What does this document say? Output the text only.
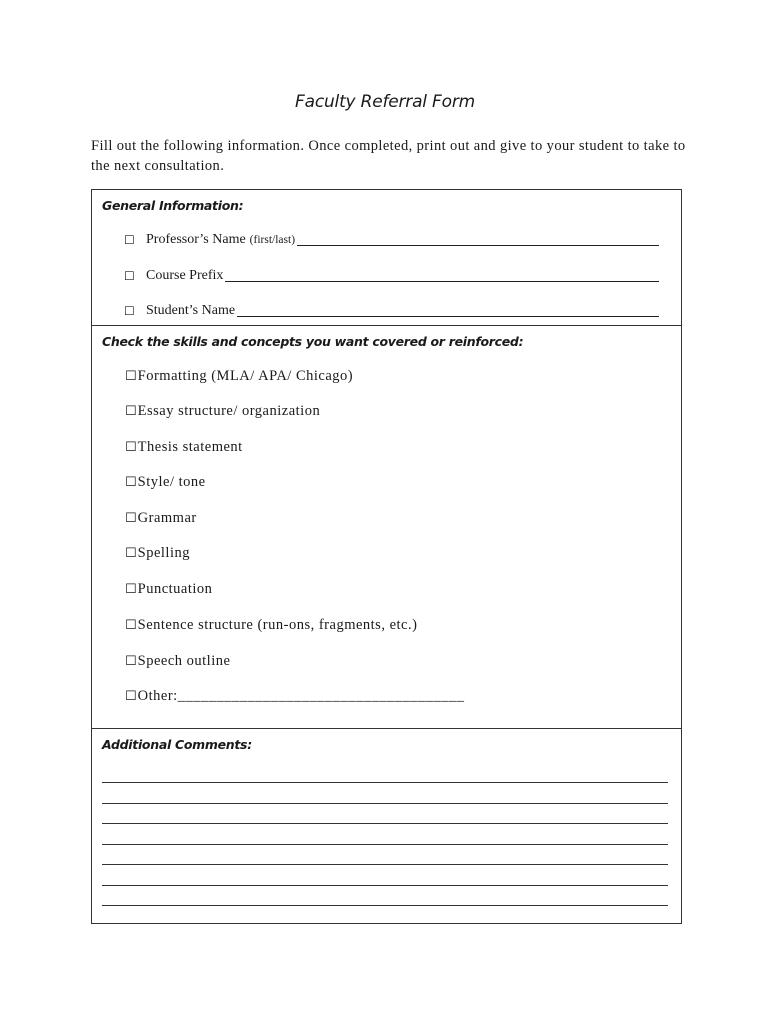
Faculty Referral Form
Fill out the following information. Once completed, print out and give to your student to take to the next consultation.
General Information:
☐ Professor’s Name (first/last)
☐ Course Prefix
☐ Student’s Name
Check the skills and concepts you want covered or reinforced:
☐ Formatting (MLA/ APA/ Chicago)
☐ Essay structure/ organization
☐ Thesis statement
☐ Style/ tone
☐ Grammar
☐ Spelling
☐ Punctuation
☐ Sentence structure (run-ons, fragments, etc.)
☐ Speech outline
☐ Other:_____________________________________
Additional Comments:
